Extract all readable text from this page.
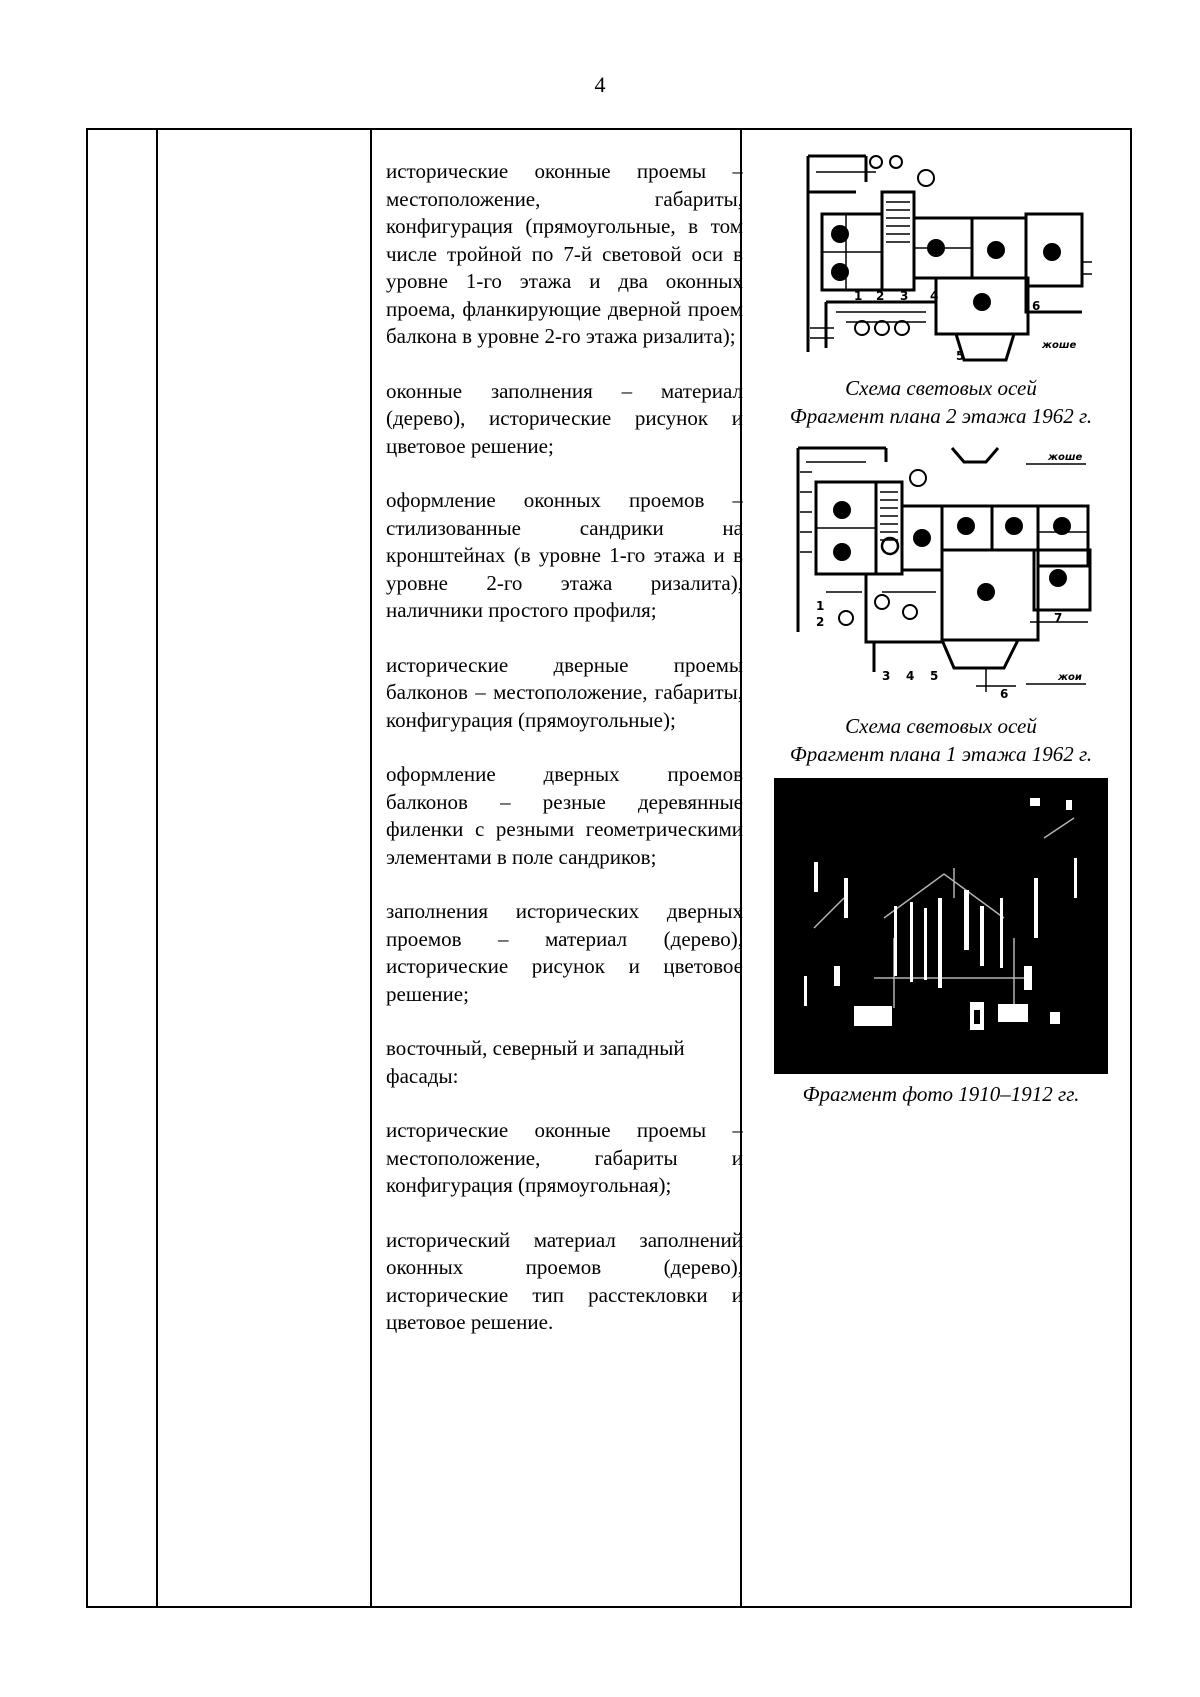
4

исторические оконные проемы – местоположение, габариты, конфигурация (прямоугольные, в том числе тройной по 7-й световой оси в уровне 1-го этажа и два оконных проема, фланкирующие дверной проем балкона в уровне 2-го этажа ризалита);

оконные заполнения – материал (дерево), исторические рисунок и цветовое решение;

оформление оконных проемов – стилизованные сандрики на кронштейнах (в уровне 1-го этажа и в уровне 2-го этажа ризалита), наличники простого профиля;

исторические дверные проемы балконов – местоположение, габариты, конфигурация (прямоугольные);

оформление дверных проемов балконов – резные деревянные филенки с резными геометрическими элементами в поле сандриков;

заполнения исторических дверных проемов – материал (дерево), исторические рисунок и цветовое решение;

восточный, северный и западный фасады:

исторические оконные проемы – местоположение, габариты и конфигурация (прямоугольная);

исторический материал заполнений оконных проемов (дерево), исторические тип расстекловки и цветовое решение.

1 2 3 4
5
6
жоше
Схема световых осей
Фрагмент плана 2 этажа 1962 г.
1
2
3 4 5
6
7
жоше
жои
Схема световых осей
Фрагмент плана 1 этажа 1962 г.
Фрагмент фото 1910–1912 гг.
